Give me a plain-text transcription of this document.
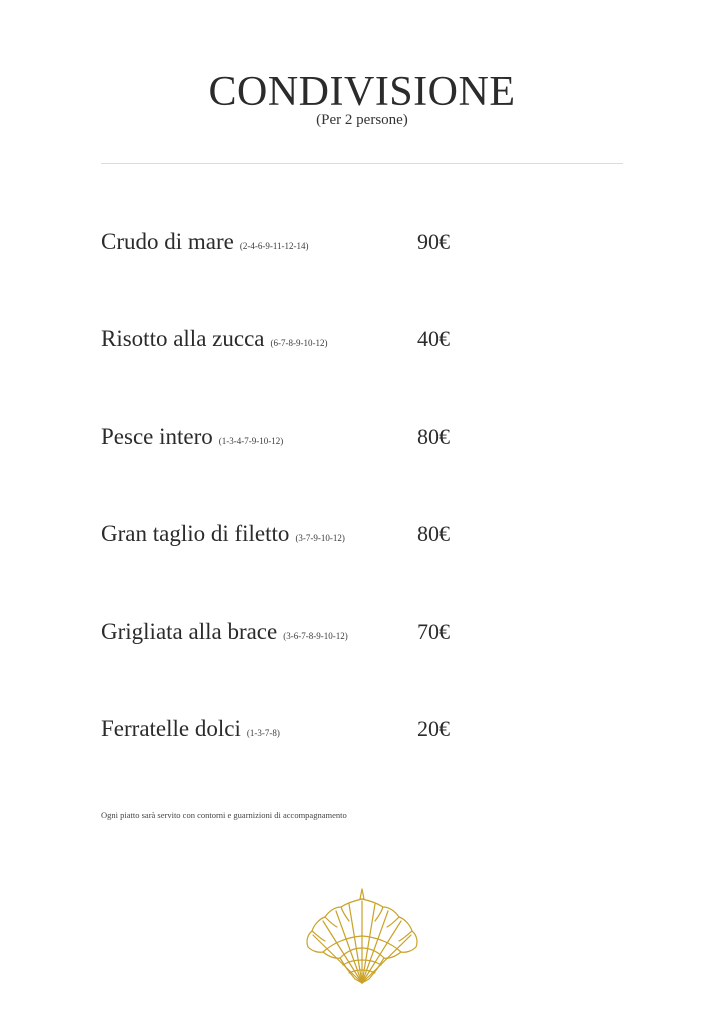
CONDIVISIONE
(Per 2 persone)
Crudo di mare (2-4-6-9-11-12-14)	90€
Risotto alla zucca (6-7-8-9-10-12)	40€
Pesce intero (1-3-4-7-9-10-12)	80€
Gran taglio di filetto (3-7-9-10-12)	80€
Grigliata alla brace (3-6-7-8-9-10-12)	70€
Ferratelle dolci (1-3-7-8)	20€
Ogni piatto sarà servito con contorni e guarnizioni di accompagnamento
